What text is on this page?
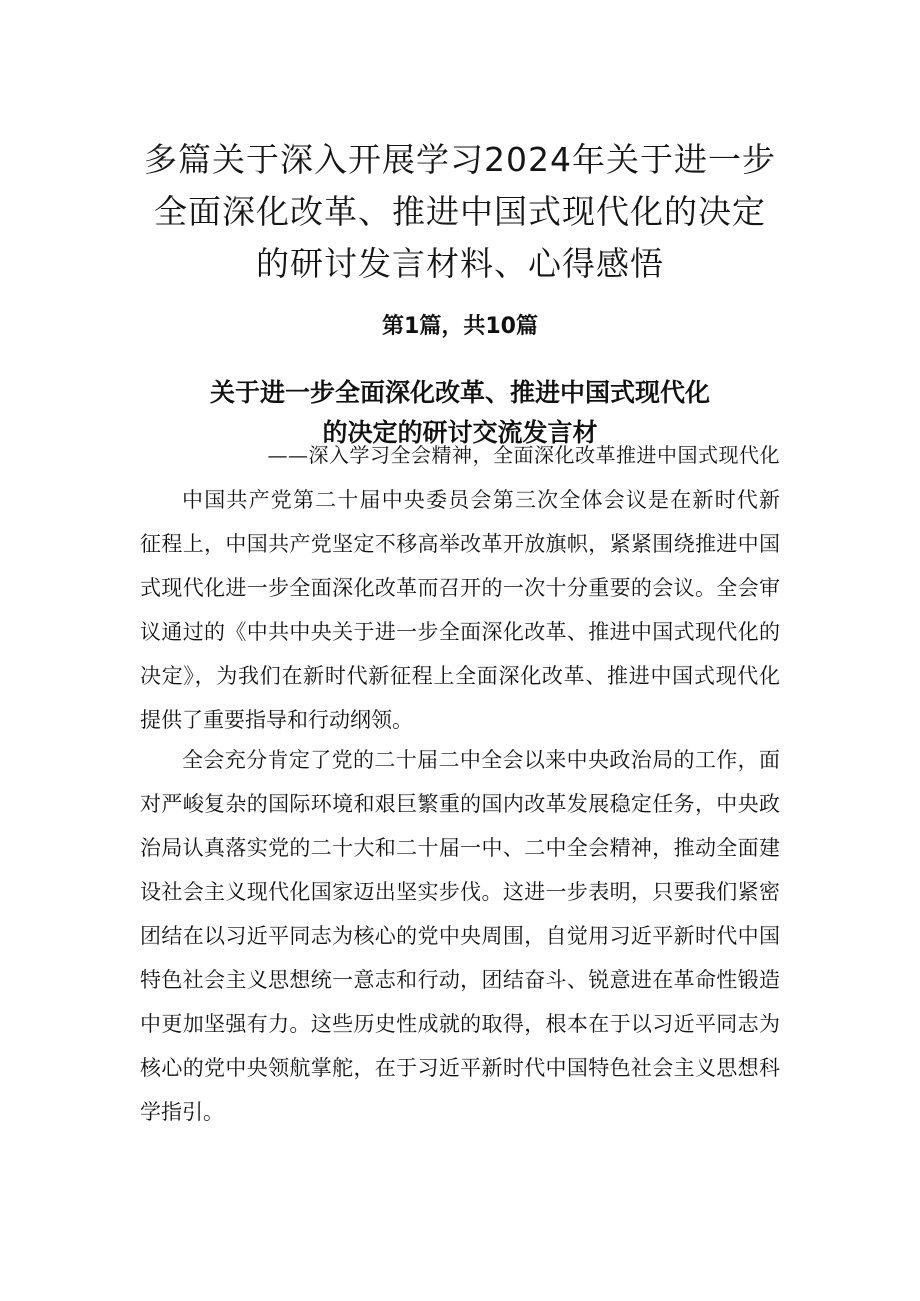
多篇关于深入开展学习2024年关于进一步
全面深化改革、推进中国式现代化的决定
的研讨发言材料、心得感悟
第1篇，共10篇
关于进一步全面深化改革、推进中国式现代化
的决定的研讨交流发言材
——深入学习全会精神，全面深化改革推进中国式现代化
中国共产党第二十届中央委员会第三次全体会议是在新时代新
征程上，中国共产党坚定不移高举改革开放旗帜，紧紧围绕推进中国
式现代化进一步全面深化改革而召开的一次十分重要的会议。全会审
议通过的《中共中央关于进一步全面深化改革、推进中国式现代化的
决定》，为我们在新时代新征程上全面深化改革、推进中国式现代化
提供了重要指导和行动纲领。
全会充分肯定了党的二十届二中全会以来中央政治局的工作，面
对严峻复杂的国际环境和艰巨繁重的国内改革发展稳定任务，中央政
治局认真落实党的二十大和二十届一中、二中全会精神，推动全面建
设社会主义现代化国家迈出坚实步伐。这进一步表明，只要我们紧密
团结在以习近平同志为核心的党中央周围，自觉用习近平新时代中国
特色社会主义思想统一意志和行动，团结奋斗、锐意进在革命性锻造
中更加坚强有力。这些历史性成就的取得，根本在于以习近平同志为
核心的党中央领航掌舵，在于习近平新时代中国特色社会主义思想科
学指引。
